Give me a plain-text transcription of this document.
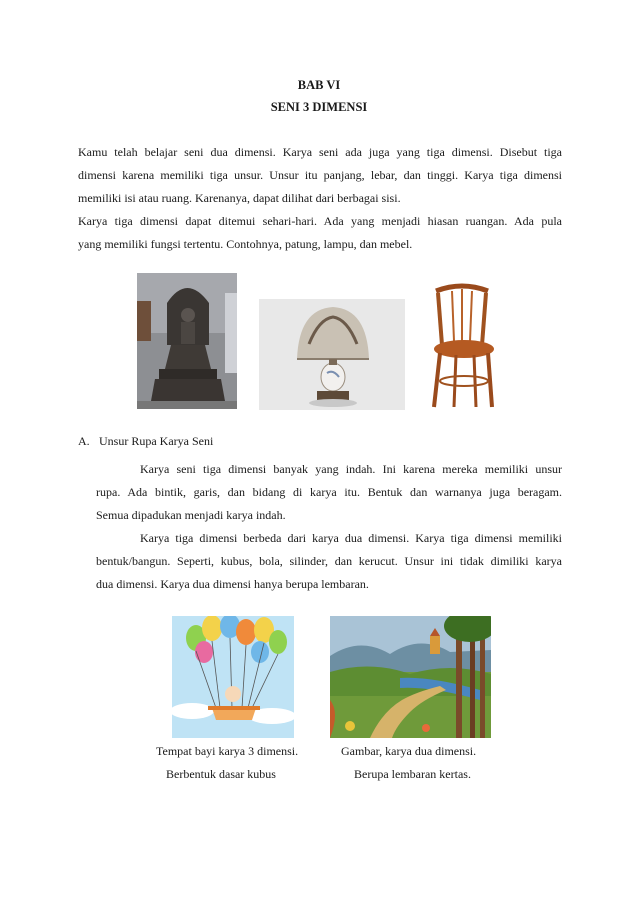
BAB VI
SENI 3 DIMENSI

Kamu telah belajar seni dua dimensi. Karya seni ada juga yang tiga dimensi. Disebut tiga
dimensi karena memiliki tiga unsur. Unsur itu panjang, lebar, dan tinggi. Karya tiga dimensi
memiliki isi atau ruang. Karenanya, dapat dilihat dari berbagai sisi.

Karya tiga dimensi dapat ditemui sehari-hari. Ada yang menjadi hiasan ruangan. Ada pula
yang memiliki fungsi tertentu. Contohnya, patung, lampu, dan mebel.

A. Unsur Rupa Karya Seni

Karya seni tiga dimensi banyak yang indah. Ini karena mereka memiliki unsur
rupa. Ada bintik, garis, dan bidang di karya itu. Bentuk dan warnanya juga beragam.
Semua dipadukan menjadi karya indah.

Karya tiga dimensi berbeda dari karya dua dimensi. Karya tiga dimensi memiliki
bentuk/bangun. Seperti, kubus, bola, silinder, dan kerucut. Unsur ini tidak dimiliki karya
dua dimensi. Karya dua dimensi hanya berupa lembaran.

Tempat bayi karya 3 dimensi.

Berbentuk dasar kubus

Gambar, karya dua dimensi.

Berupa lembaran kertas.
